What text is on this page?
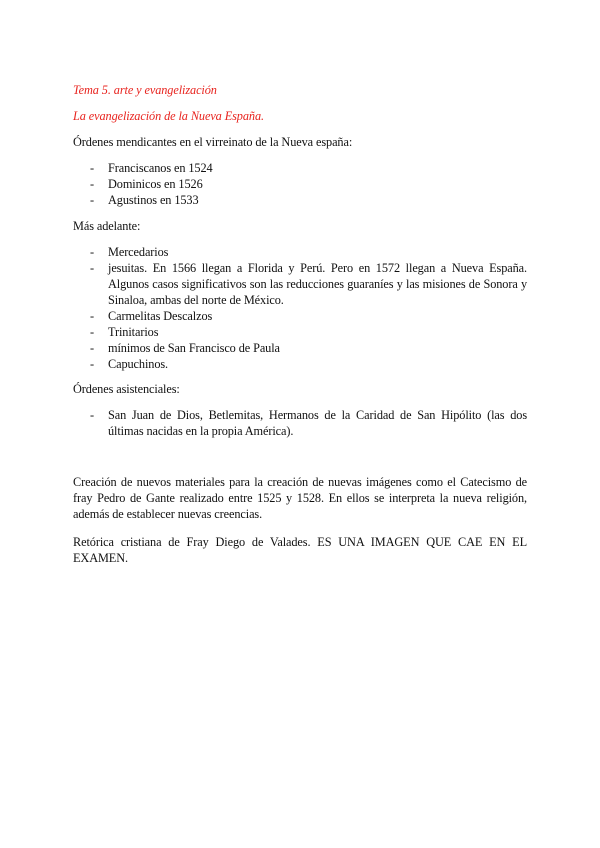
Tema 5. arte y evangelización
La evangelización de la Nueva España.
Órdenes mendicantes en el virreinato de la Nueva españa:
- Franciscanos en 1524
- Dominicos en 1526
- Agustinos en 1533
Más adelante:
- Mercedarios
- jesuitas. En 1566 llegan a Florida y Perú. Pero en 1572 llegan a Nueva España. Algunos casos significativos son las reducciones guaraníes y las misiones de Sonora y Sinaloa, ambas del norte de México.
- Carmelitas Descalzos
- Trinitarios
- mínimos de San Francisco de Paula
- Capuchinos.
Órdenes asistenciales:
- San Juan de Dios, Betlemitas, Hermanos de la Caridad de San Hipólito (las dos últimas nacidas en la propia América).

Creación de nuevos materiales para la creación de nuevas imágenes como el Catecismo de fray Pedro de Gante realizado entre 1525 y 1528. En ellos se interpreta la nueva religión, además de establecer nuevas creencias.

Retórica cristiana de Fray Diego de Valades. ES UNA IMAGEN QUE CAE EN EL EXAMEN.
